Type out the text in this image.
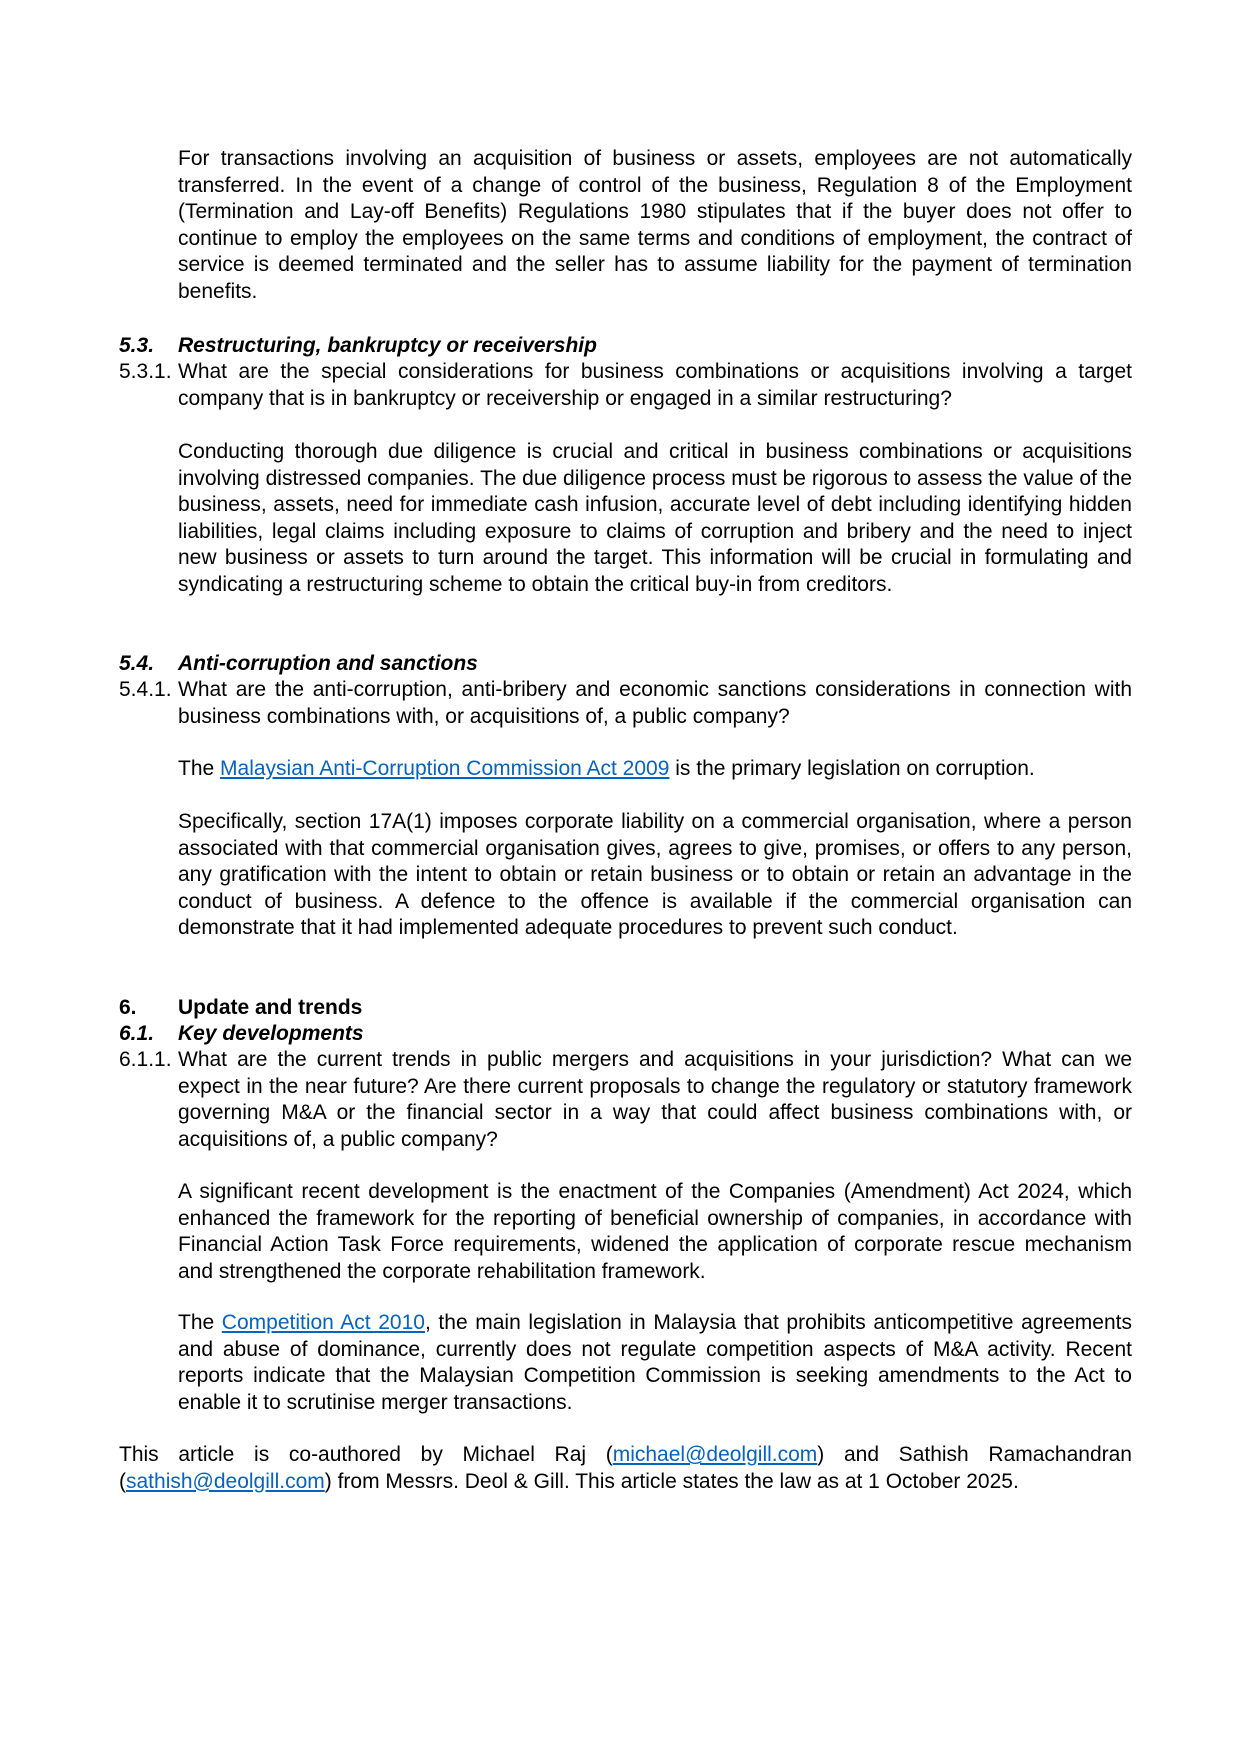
For transactions involving an acquisition of business or assets, employees are not automatically transferred. In the event of a change of control of the business, Regulation 8 of the Employment (Termination and Lay-off Benefits) Regulations 1980 stipulates that if the buyer does not offer to continue to employ the employees on the same terms and conditions of employment, the contract of service is deemed terminated and the seller has to assume liability for the payment of termination benefits.

5.3. Restructuring, bankruptcy or receivership
5.3.1. What are the special considerations for business combinations or acquisitions involving a target company that is in bankruptcy or receivership or engaged in a similar restructuring?

Conducting thorough due diligence is crucial and critical in business combinations or acquisitions involving distressed companies. The due diligence process must be rigorous to assess the value of the business, assets, need for immediate cash infusion, accurate level of debt including identifying hidden liabilities, legal claims including exposure to claims of corruption and bribery and the need to inject new business or assets to turn around the target. This information will be crucial in formulating and syndicating a restructuring scheme to obtain the critical buy-in from creditors.

5.4. Anti-corruption and sanctions
5.4.1. What are the anti-corruption, anti-bribery and economic sanctions considerations in connection with business combinations with, or acquisitions of, a public company?

The Malaysian Anti-Corruption Commission Act 2009 is the primary legislation on corruption.

Specifically, section 17A(1) imposes corporate liability on a commercial organisation, where a person associated with that commercial organisation gives, agrees to give, promises, or offers to any person, any gratification with the intent to obtain or retain business or to obtain or retain an advantage in the conduct of business. A defence to the offence is available if the commercial organisation can demonstrate that it had implemented adequate procedures to prevent such conduct.

6. Update and trends
6.1. Key developments
6.1.1. What are the current trends in public mergers and acquisitions in your jurisdiction? What can we expect in the near future? Are there current proposals to change the regulatory or statutory framework governing M&A or the financial sector in a way that could affect business combinations with, or acquisitions of, a public company?

A significant recent development is the enactment of the Companies (Amendment) Act 2024, which enhanced the framework for the reporting of beneficial ownership of companies, in accordance with Financial Action Task Force requirements, widened the application of corporate rescue mechanism and strengthened the corporate rehabilitation framework.

The Competition Act 2010, the main legislation in Malaysia that prohibits anticompetitive agreements and abuse of dominance, currently does not regulate competition aspects of M&A activity. Recent reports indicate that the Malaysian Competition Commission is seeking amendments to the Act to enable it to scrutinise merger transactions.

This article is co-authored by Michael Raj (michael@deolgill.com) and Sathish Ramachandran (sathish@deolgill.com) from Messrs. Deol & Gill. This article states the law as at 1 October 2025.
